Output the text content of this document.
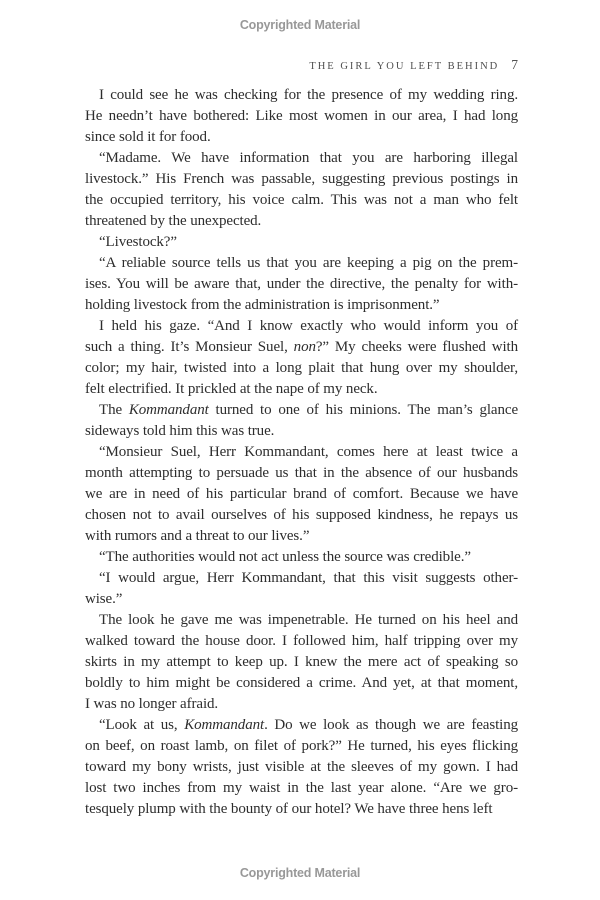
Copyrighted Material
THE GIRL YOU LEFT BEHIND 7
I could see he was checking for the presence of my wedding ring.
He needn’t have bothered: Like most women in our area, I had long
since sold it for food.
“Madame. We have information that you are harboring illegal
livestock.” His French was passable, suggesting previous postings in
the occupied territory, his voice calm. This was not a man who felt
threatened by the unexpected.
“Livestock?”
“A reliable source tells us that you are keeping a pig on the prem-
ises. You will be aware that, under the directive, the penalty for with-
holding livestock from the administration is imprisonment.”
I held his gaze. “And I know exactly who would inform you of
such a thing. It’s Monsieur Suel, non?” My cheeks were flushed with
color; my hair, twisted into a long plait that hung over my shoulder,
felt electrified. It prickled at the nape of my neck.
The Kommandant turned to one of his minions. The man’s glance
sideways told him this was true.
“Monsieur Suel, Herr Kommandant, comes here at least twice a
month attempting to persuade us that in the absence of our husbands
we are in need of his particular brand of comfort. Because we have
chosen not to avail ourselves of his supposed kindness, he repays us
with rumors and a threat to our lives.”
“The authorities would not act unless the source was credible.”
“I would argue, Herr Kommandant, that this visit suggests other-
wise.”
The look he gave me was impenetrable. He turned on his heel and
walked toward the house door. I followed him, half tripping over my
skirts in my attempt to keep up. I knew the mere act of speaking so
boldly to him might be considered a crime. And yet, at that moment,
I was no longer afraid.
“Look at us, Kommandant. Do we look as though we are feasting
on beef, on roast lamb, on filet of pork?” He turned, his eyes flicking
toward my bony wrists, just visible at the sleeves of my gown. I had
lost two inches from my waist in the last year alone. “Are we gro-
tesquely plump with the bounty of our hotel? We have three hens left
Copyrighted Material
